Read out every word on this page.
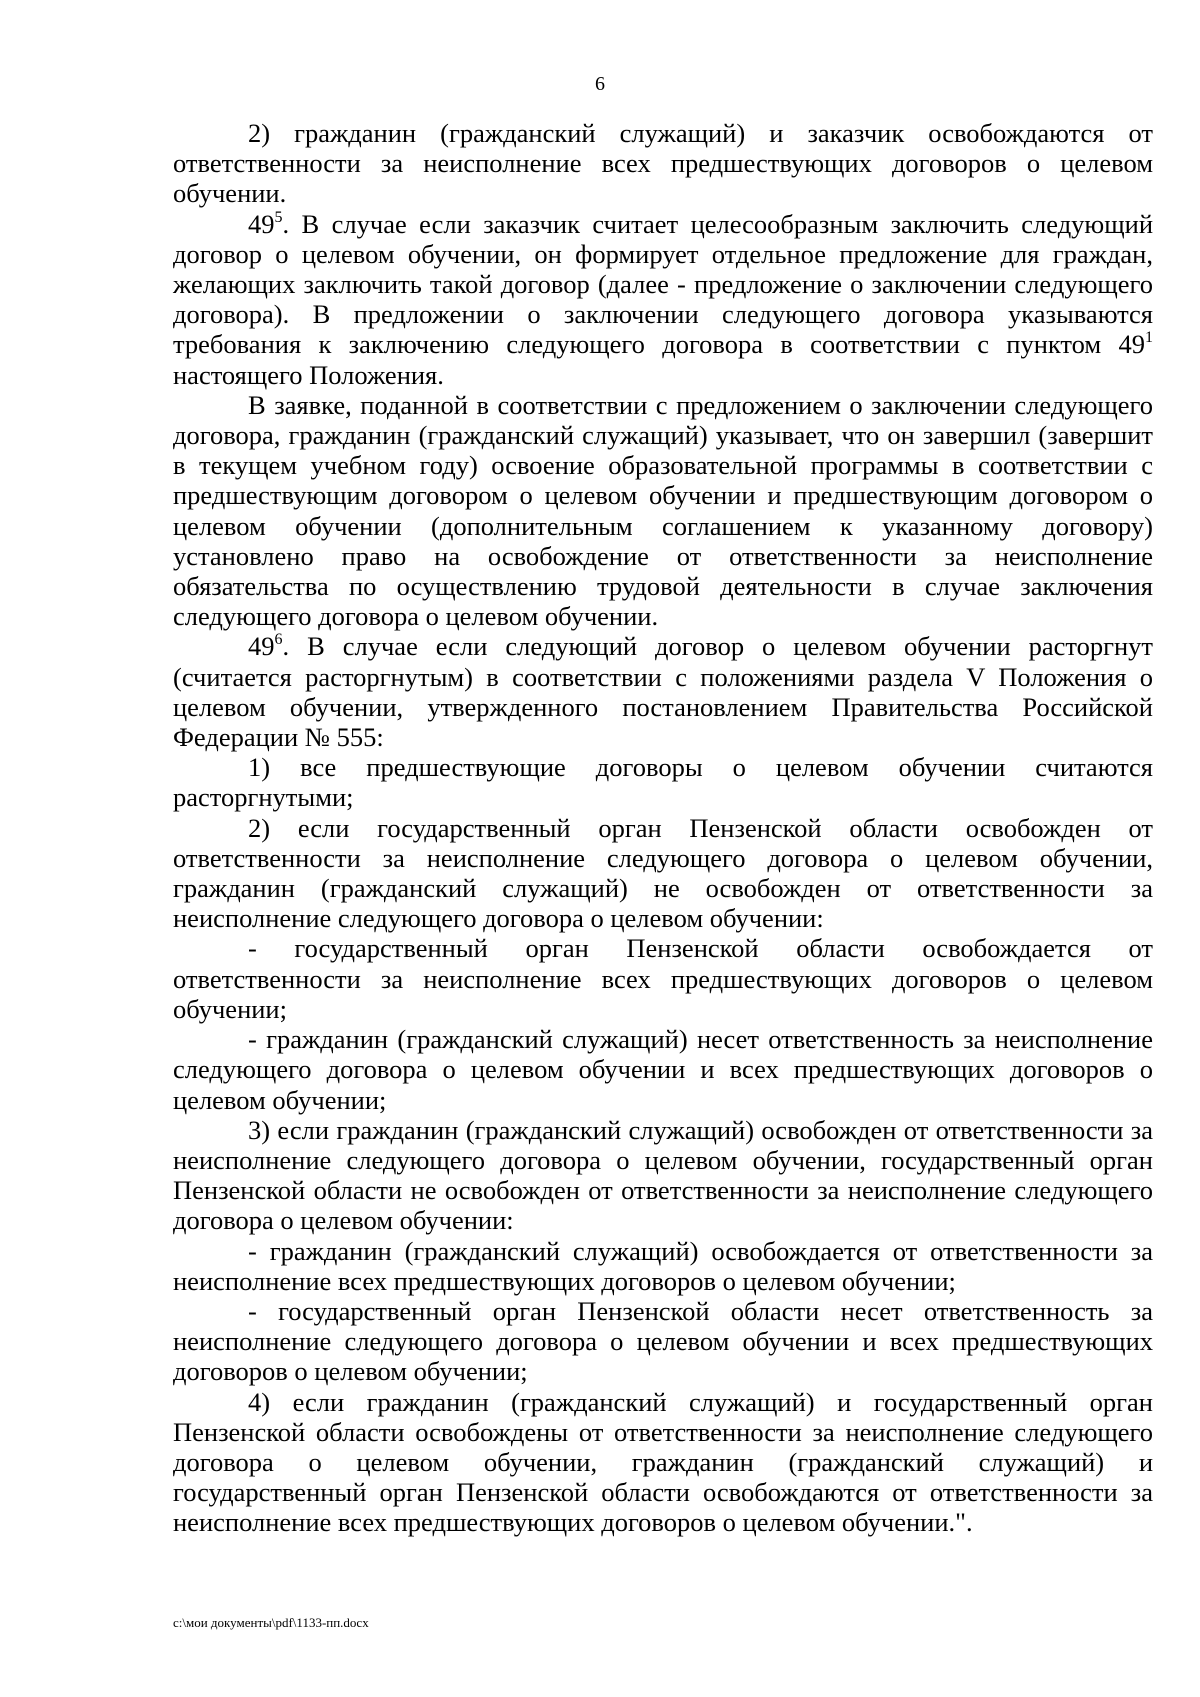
6

2) гражданин (гражданский служащий) и заказчик освобождаются от ответственности за неисполнение всех предшествующих договоров о целевом обучении.

$49^5$. В случае если заказчик считает целесообразным заключить следующий договор о целевом обучении, он формирует отдельное предложение для граждан, желающих заключить такой договор (далее - предложение о заключении следующего договора). В предложении о заключении следующего договора указываются требования к заключению следующего договора в соответствии с пунктом $49^1$ настоящего Положения.

В заявке, поданной в соответствии с предложением о заключении следующего договора, гражданин (гражданский служащий) указывает, что он завершил (завершит в текущем учебном году) освоение образовательной программы в соответствии с предшествующим договором о целевом обучении и предшествующим договором о целевом обучении (дополнительным соглашением к указанному договору) установлено право на освобождение от ответственности за неисполнение обязательства по осуществлению трудовой деятельности в случае заключения следующего договора о целевом обучении.

$49^6$. В случае если следующий договор о целевом обучении расторгнут (считается расторгнутым) в соответствии с положениями раздела V Положения о целевом обучении, утвержденного постановлением Правительства Российской Федерации № 555:

1) все предшествующие договоры о целевом обучении считаются расторгнутыми;

2) если государственный орган Пензенской области освобожден от ответственности за неисполнение следующего договора о целевом обучении, гражданин (гражданский служащий) не освобожден от ответственности за неисполнение следующего договора о целевом обучении:

- государственный орган Пензенской области освобождается от ответственности за неисполнение всех предшествующих договоров о целевом обучении;

- гражданин (гражданский служащий) несет ответственность за неисполнение следующего договора о целевом обучении и всех предшествующих договоров о целевом обучении;

3) если гражданин (гражданский служащий) освобожден от ответственности за неисполнение следующего договора о целевом обучении, государственный орган Пензенской области не освобожден от ответственности за неисполнение следующего договора о целевом обучении:

- гражданин (гражданский служащий) освобождается от ответственности за неисполнение всех предшествующих договоров о целевом обучении;

- государственный орган Пензенской области несет ответственность за неисполнение следующего договора о целевом обучении и всех предшествующих договоров о целевом обучении;

4) если гражданин (гражданский служащий) и государственный орган Пензенской области освобождены от ответственности за неисполнение следующего договора о целевом обучении, гражданин (гражданский служащий) и государственный орган Пензенской области освобождаются от ответственности за неисполнение всех предшествующих договоров о целевом обучении.".

c:\мои документы\pdf\1133-пп.docx
